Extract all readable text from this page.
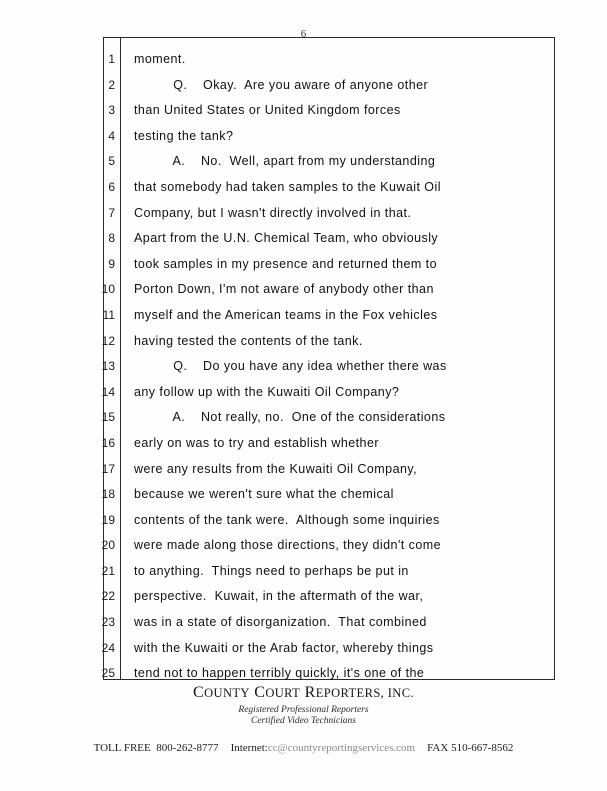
6
1
2
3
4
5
6
7
8
9
10
11
12
13
14
15
16
17
18
19
20
21
22
23
24
25
moment.
Q.    Okay.  Are you aware of anyone other
than United States or United Kingdom forces
testing the tank?
A.    No.  Well, apart from my understanding
that somebody had taken samples to the Kuwait Oil
Company, but I wasn't directly involved in that.
Apart from the U.N. Chemical Team, who obviously
took samples in my presence and returned them to
Porton Down, I'm not aware of anybody other than
myself and the American teams in the Fox vehicles
having tested the contents of the tank.
Q.    Do you have any idea whether there was
any follow up with the Kuwaiti Oil Company?
A.    Not really, no.  One of the considerations
early on was to try and establish whether
were any results from the Kuwaiti Oil Company,
because we weren't sure what the chemical
contents of the tank were.  Although some inquiries
were made along those directions, they didn't come
to anything.  Things need to perhaps be put in
perspective.  Kuwait, in the aftermath of the war,
was in a state of disorganization.  That combined
with the Kuwaiti or the Arab factor, whereby things
tend not to happen terribly quickly, it's one of the
COUNTY COURT REPORTERS, INC.
Registered Professional Reporters
Certified Video Technicians
TOLL FREE 800-262-8777 Internet:cc@countyreportingservices.com FAX 510-667-8562
